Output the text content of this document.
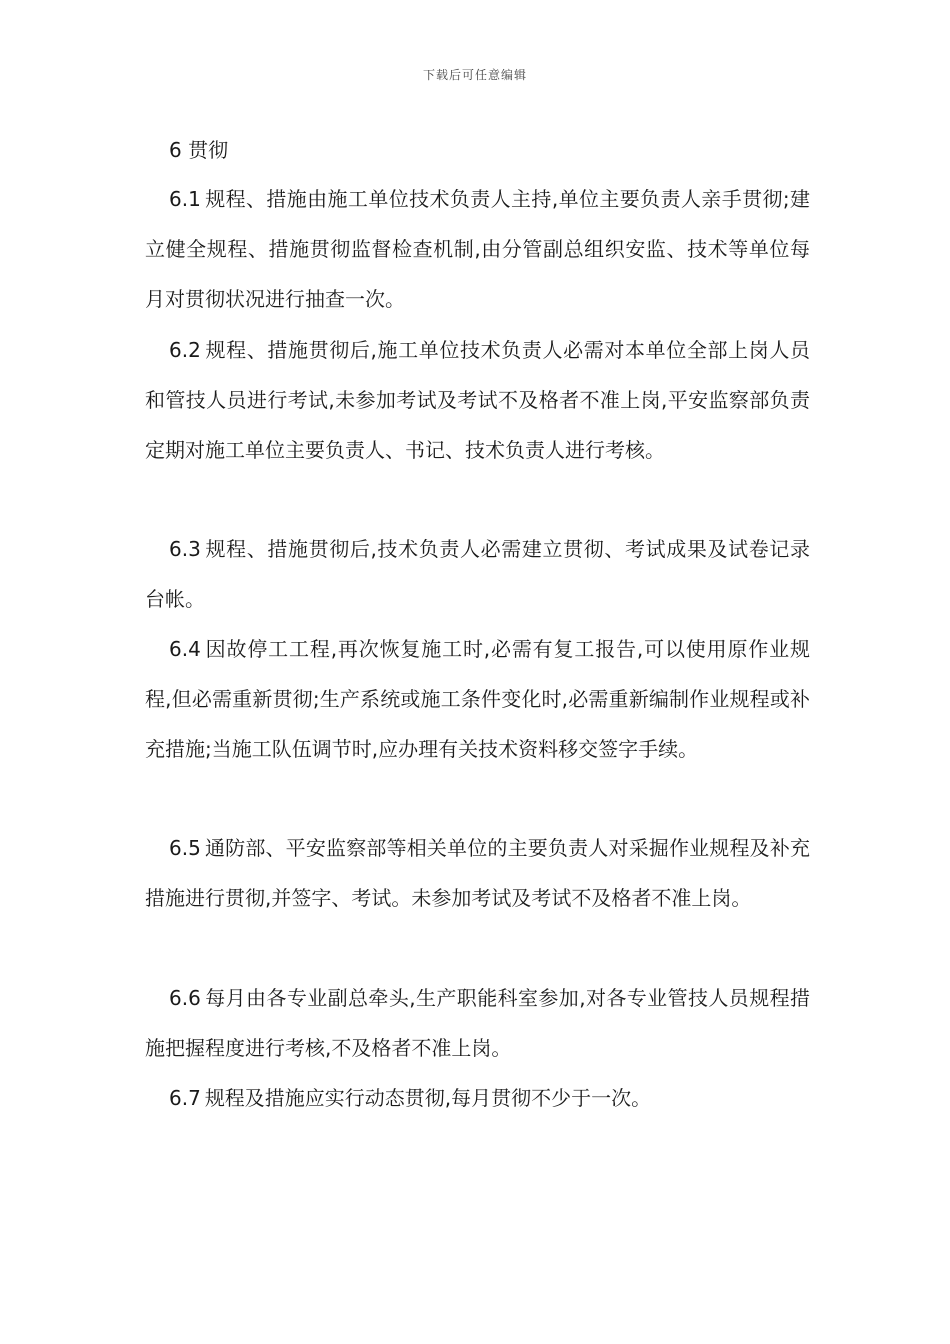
下载后可任意编辑
6 贯彻

6.1 规程、措施由施工单位技术负责人主持,单位主要负责人亲手贯彻;建立健全规程、措施贯彻监督检查机制,由分管副总组织安监、技术等单位每月对贯彻状况进行抽查一次。

6.2 规程、措施贯彻后,施工单位技术负责人必需对本单位全部上岗人员和管技人员进行考试,未参加考试及考试不及格者不准上岗,平安监察部负责定期对施工单位主要负责人、书记、技术负责人进行考核。

6.3 规程、措施贯彻后,技术负责人必需建立贯彻、考试成果及试卷记录台帐。

6.4 因故停工工程,再次恢复施工时,必需有复工报告,可以使用原作业规程,但必需重新贯彻;生产系统或施工条件变化时,必需重新编制作业规程或补充措施;当施工队伍调节时,应办理有关技术资料移交签字手续。

6.5 通防部、平安监察部等相关单位的主要负责人对采掘作业规程及补充措施进行贯彻,并签字、考试。未参加考试及考试不及格者不准上岗。

6.6 每月由各专业副总牵头,生产职能科室参加,对各专业管技人员规程措施把握程度进行考核,不及格者不准上岗。

6.7 规程及措施应实行动态贯彻,每月贯彻不少于一次。
